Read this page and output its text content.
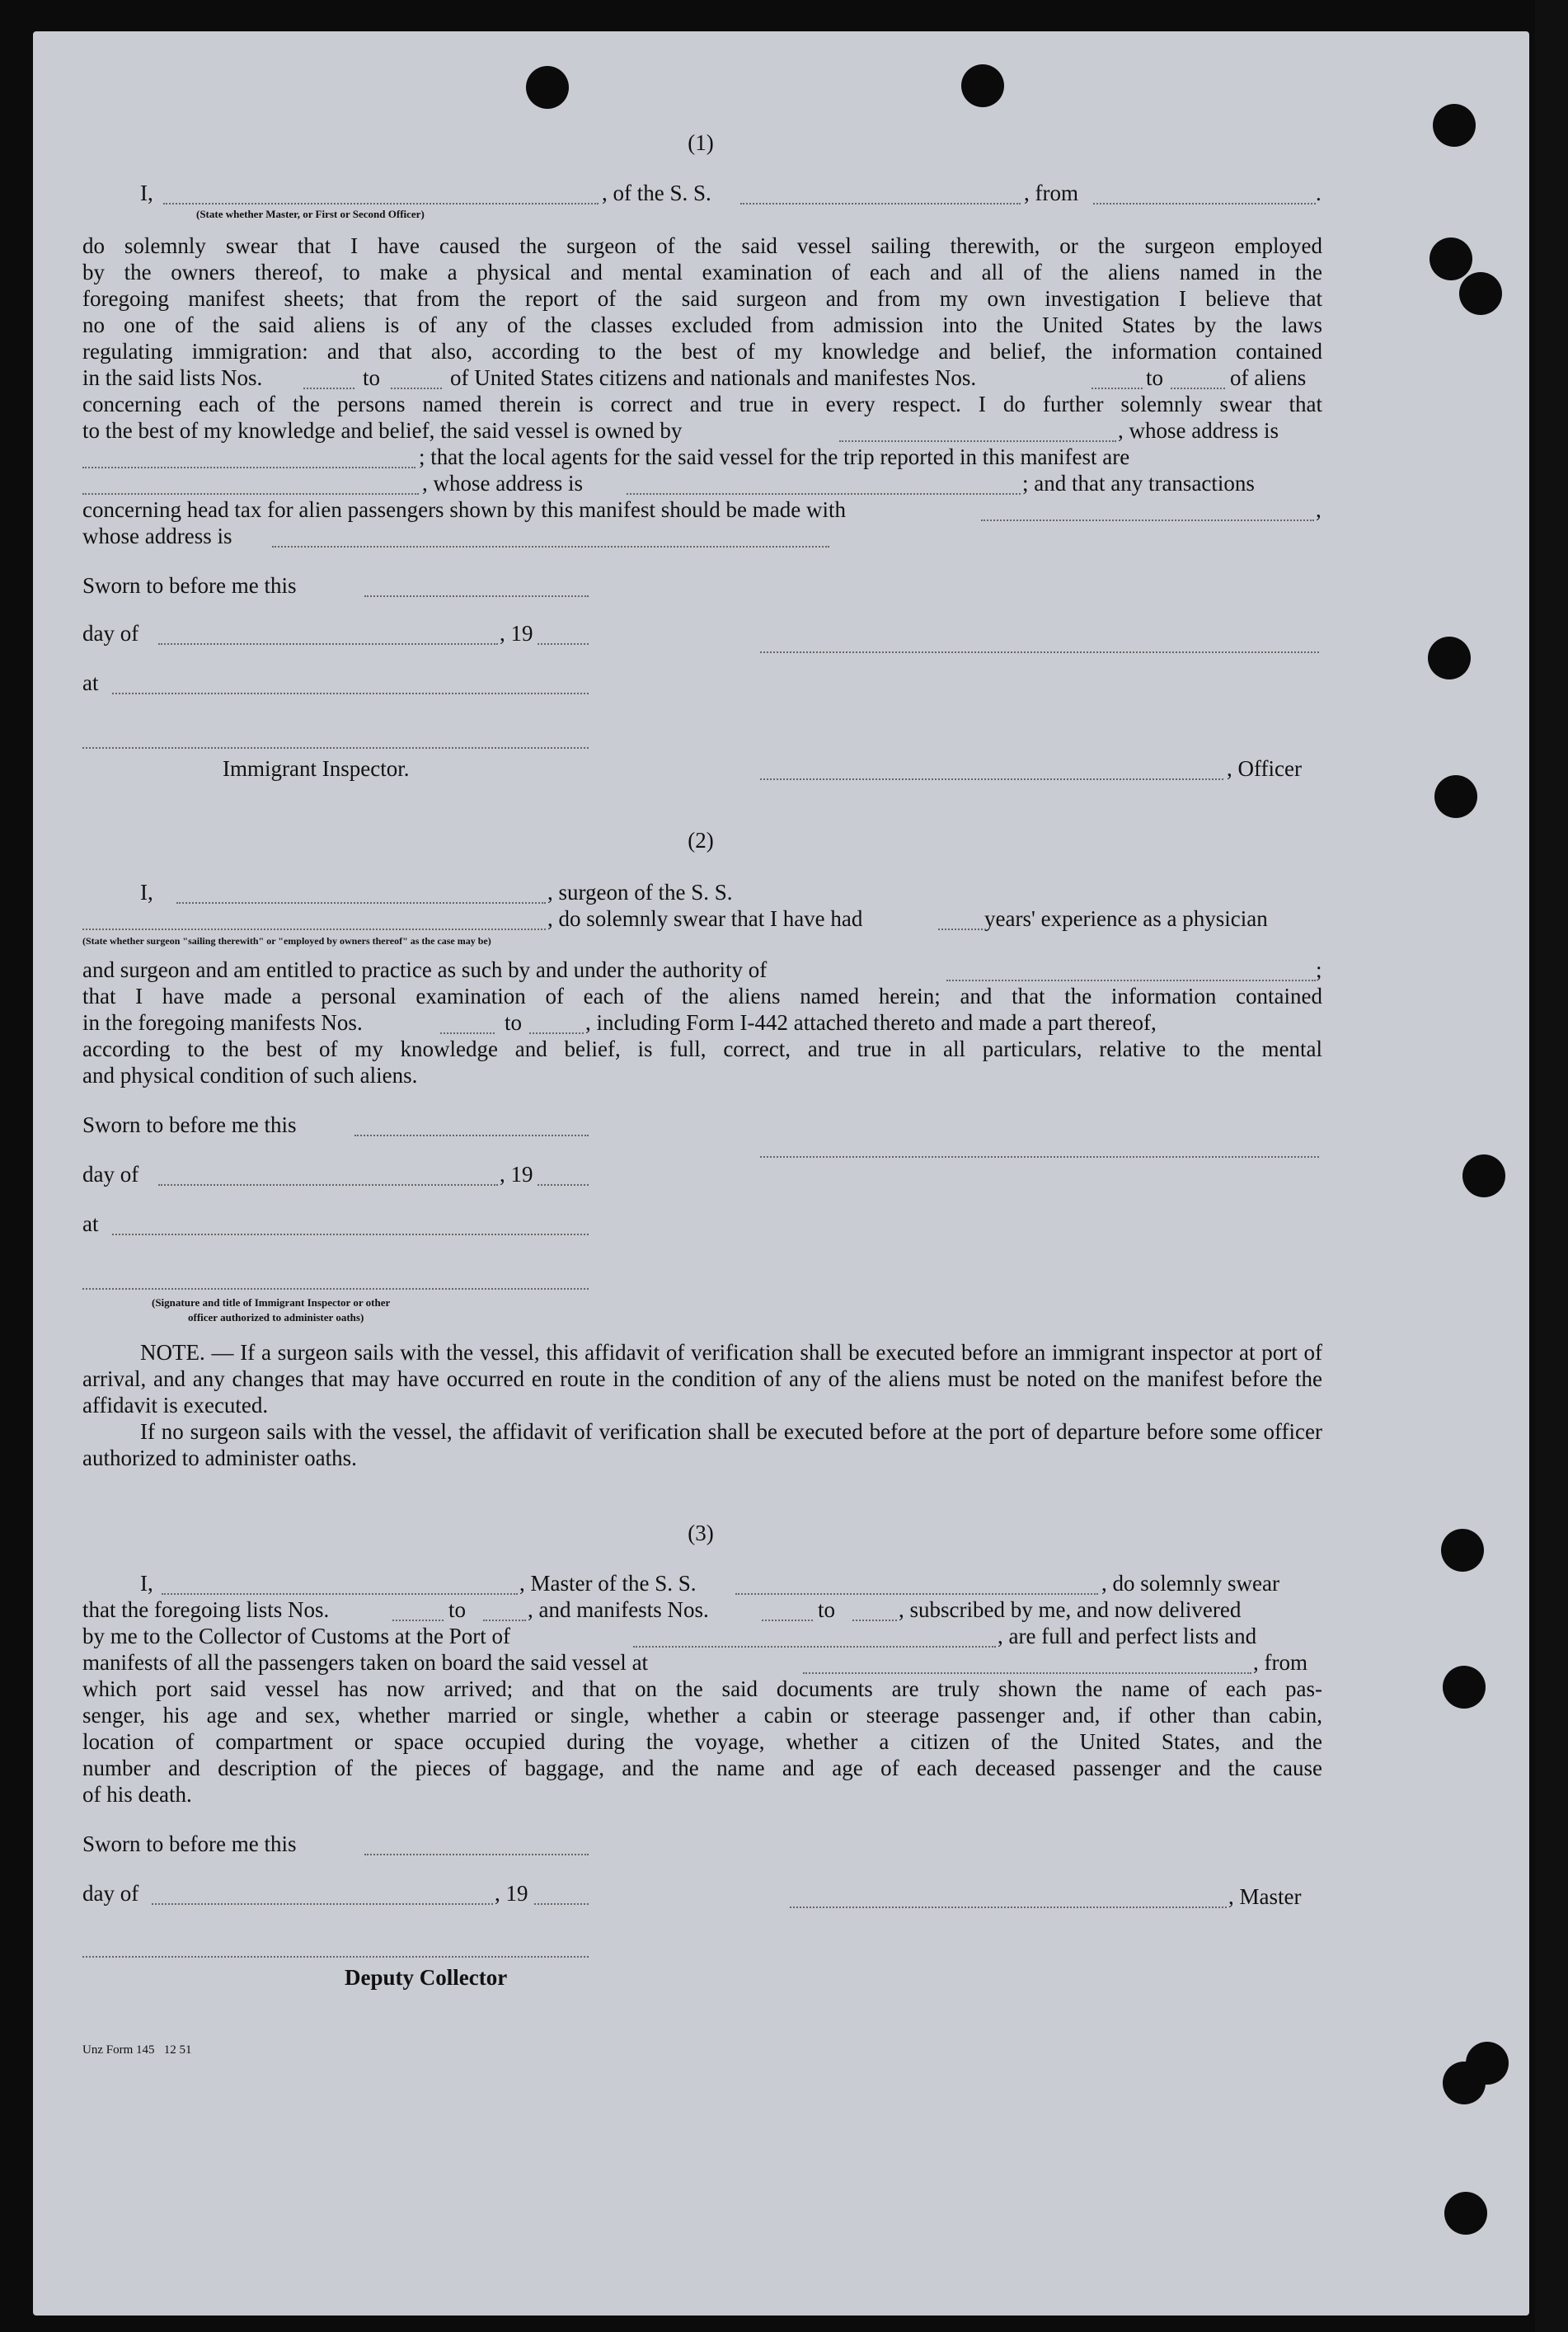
(1)
I,	, of the S. S.	, from	.
(State whether Master, or First or Second Officer)
do solemnly swear that I have caused the surgeon of the said vessel sailing therewith, or the surgeon employed
by the owners thereof, to make a physical and mental examination of each and all of the aliens named in the
foregoing manifest sheets; that from the report of the said surgeon and from my own investigation I believe that
no one of the said aliens is of any of the classes excluded from admission into the United States by the laws
regulating immigration: and that also, according to the best of my knowledge and belief, the information contained
in the said lists Nos.	to	of United States citizens and nationals and manifestes Nos.	to	of aliens
concerning each of the persons named therein is correct and true in every respect. I do further solemnly swear that
to the best of my knowledge and belief, the said vessel is owned by	, whose address is
; that the local agents for the said vessel for the trip reported in this manifest are
, whose address is	; and that any transactions
concerning head tax for alien passengers shown by this manifest should be made with	,
whose address is
Sworn to before me this
day of	, 19
at
Immigrant Inspector.	, Officer
(2)
I,	, surgeon of the S. S.
, do solemnly swear that I have had	years' experience as a physician
(State whether surgeon "sailing therewith" or "employed by owners thereof" as the case may be)
and surgeon and am entitled to practice as such by and under the authority of	;
that I have made a personal examination of each of the aliens named herein; and that the information contained
in the foregoing manifests Nos.	to	, including Form I-442 attached thereto and made a part thereof,
according to the best of my knowledge and belief, is full, correct, and true in all particulars, relative to the mental
and physical condition of such aliens.
Sworn to before me this
day of	, 19
at
(Signature and title of Immigrant Inspector or other
officer authorized to administer oaths)
NOTE. — If a surgeon sails with the vessel, this affidavit of verification shall be executed before an immigrant inspector at port of arrival, and any changes that may have occurred en route in the condition of any of the aliens must be noted on the manifest before the affidavit is executed.
If no surgeon sails with the vessel, the affidavit of verification shall be executed before at the port of departure before some officer authorized to administer oaths.
(3)
I,	, Master of the S. S.	, do solemnly swear
that the foregoing lists Nos.	to	, and manifests Nos.	to	, subscribed by me, and now delivered
by me to the Collector of Customs at the Port of	, are full and perfect lists and
manifests of all the passengers taken on board the said vessel at	, from
which port said vessel has now arrived; and that on the said documents are truly shown the name of each pas-
senger, his age and sex, whether married or single, whether a cabin or steerage passenger and, if other than cabin,
location of compartment or space occupied during the voyage, whether a citizen of the United States, and the
number and description of the pieces of baggage, and the name and age of each deceased passenger and the cause
of his death.
Sworn to before me this
day of	, 19	, Master
Deputy Collector
Unz Form 145   12 51
